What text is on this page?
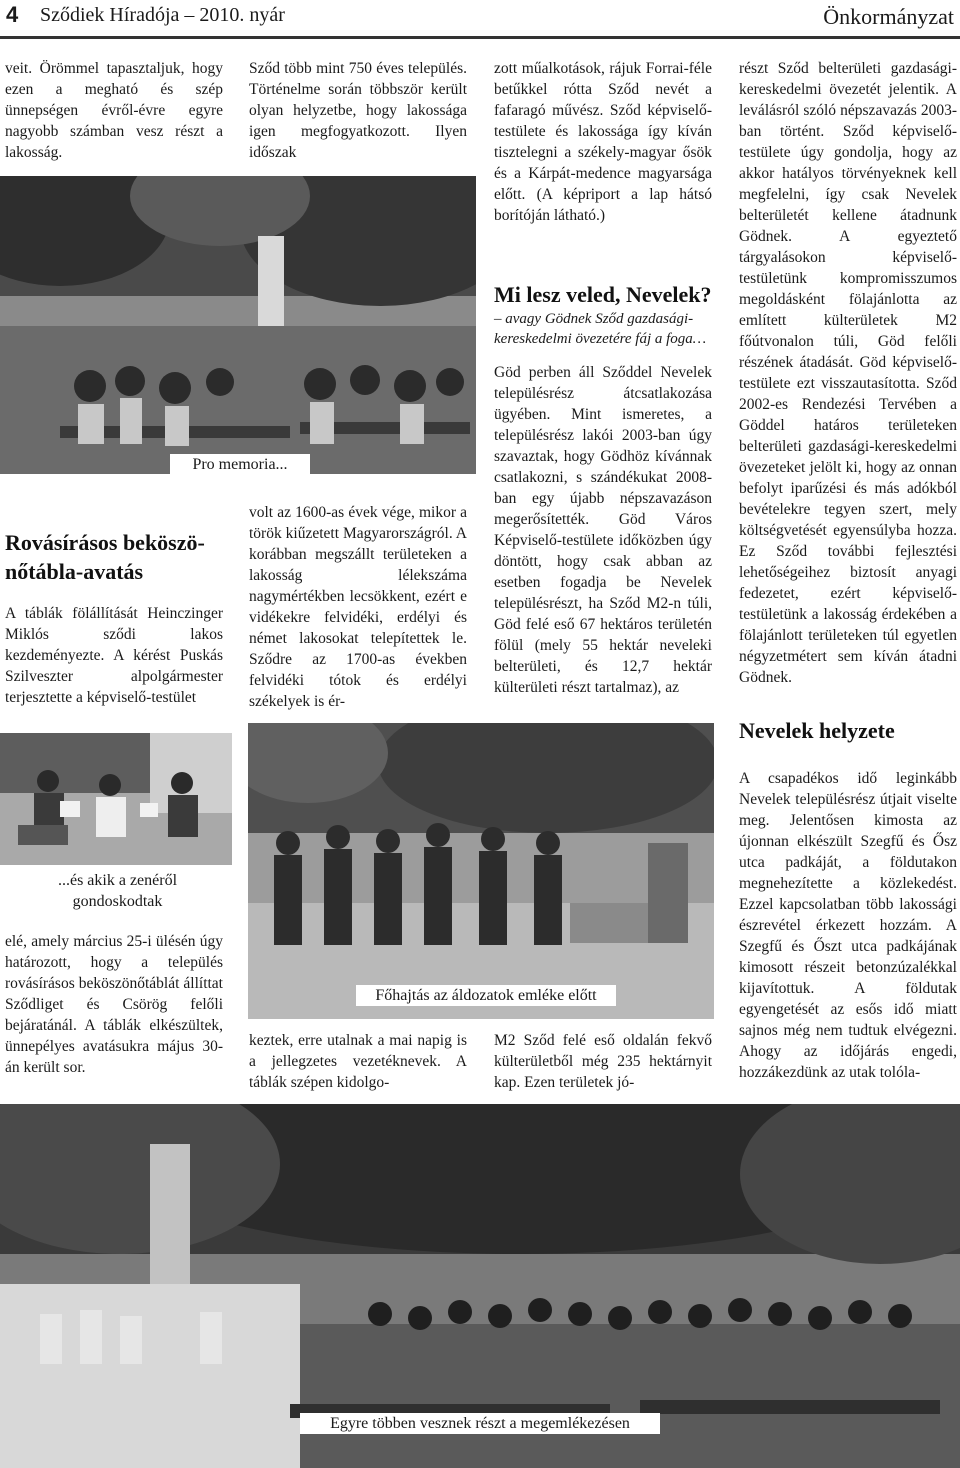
4 Sződiek Híradója – 2010. nyár	Önkormányzat

veit. Örömmel tapasztaljuk, hogy ezen a megható és szép ünnepségen évről-évre egyre nagyobb számban vesz részt a lakosság.

Sződ több mint 750 éves település. Történelme során többször került olyan helyzetbe, hogy lakossága igen megfogyatkozott. Ilyen időszak

Pro memoria...
Rovásírásos beköszö-nőtábla-avatás

A táblák fölállítását Heinczinger Miklós sződi lakos kezdeményezte. A kérést Puskás Szilveszter alpolgármester terjesztette a képviselő-testület

volt az 1600-as évek vége, mikor a török kiűzetett Magyarországról. A korábban megszállt területeken a lakosság lélekszáma nagymértékben lecsökkent, ezért e vidékekre felvidéki, erdélyi és német lakosokat telepítettek le. Sződre az 1700-as években felvidéki tótok és erdélyi székelyek is ér-

...és akik a zenéről gondoskodtak

elé, amely március 25-i ülésén úgy határozott, hogy a település rovásírásos beköszönőtáblát állíttat Sződliget és Csörög felőli bejáratánál. A táblák elkészültek, ünnepélyes avatásukra május 30-án került sor.

Főhajtás az áldozatok emléke előtt

keztek, erre utalnak a mai napig is a jellegzetes vezetéknevek. A táblák szépen kidolgo-

zott műalkotások, rájuk Forrai-féle betűkkel rótta Sződ nevét a fafaragó művész. Sződ képviselő-testülete és lakossága így kíván tisztelegni a székely-magyar ősök és a Kárpát-medence magyarsága előtt. (A képriport a lap hátsó borítóján látható.)

Mi lesz veled, Nevelek?

– avagy Gödnek Sződ gazdasági-kereskedelmi övezetére fáj a foga…

Göd perben áll Sződdel Nevelek településrész átcsatlakozása ügyében. Mint ismeretes, a településrész lakói 2003-ban úgy szavaztak, hogy Gödhöz kívánnak csatlakozni, s szándékukat 2008-ban egy újabb népszavazáson megerősítették. Göd Város Képviselő-testülete időközben úgy döntött, hogy csak abban az esetben fogadja be Nevelek településrészt, ha Sződ M2-n túli, Göd felé eső 67 hektáros területén fölül (mely 55 hektár neveleki belterületi, és 12,7 hektár külterületi részt tartalmaz), az

M2 Sződ felé eső oldalán fekvő külterületből még 235 hektárnyit kap. Ezen területek jó-

részt Sződ belterületi gazdasági-kereskedelmi övezetét jelentik. A leválásról szóló népszavazás 2003-ban történt. Sződ képviselő-testülete úgy gondolja, hogy az akkor hatályos törvényeknek kell megfelelni, így csak Nevelek belterületét kellene átadnunk Gödnek. A egyeztető tárgyalásokon képviselő-testületünk kompromisszumos megoldásként fölajánlotta az említett külterületek M2 főútvonalon túli, Göd felőli részének átadását. Göd képviselő-testülete ezt visszautasította. Sződ 2002-es Rendezési Tervében a Göddel határos területeken belterületi gazdasági-kereskedelmi övezeteket jelölt ki, hogy az onnan befolyt iparűzési és más adókból bevételekre tegyen szert, mely költségvetését egyensúlyba hozza. Ez Sződ további fejlesztési lehetőségeihez biztosít anyagi fedezetet, ezért képviselő-testületünk a lakosság érdekében a fölajánlott területeken túl egyetlen négyzetmétert sem kíván átadni Gödnek.

Nevelek helyzete

A csapadékos idő leginkább Nevelek településrész útjait viselte meg. Jelentősen kimosta az újonnan elkészült Szegfű és Ősz utca padkáját, a földutakon megnehezítette a közlekedést. Ezzel kapcsolatban több lakossági észrevétel érkezett hozzám. A Szegfű és Őszt utca padkájának kimosott részeit betonzúzalékkal kijavítottuk. A földutak egyengetését az esős idő miatt sajnos még nem tudtuk elvégezni. Ahogy az időjárás engedi, hozzákezdünk az utak tolóla-

Egyre többen vesznek részt a megemlékezésen
